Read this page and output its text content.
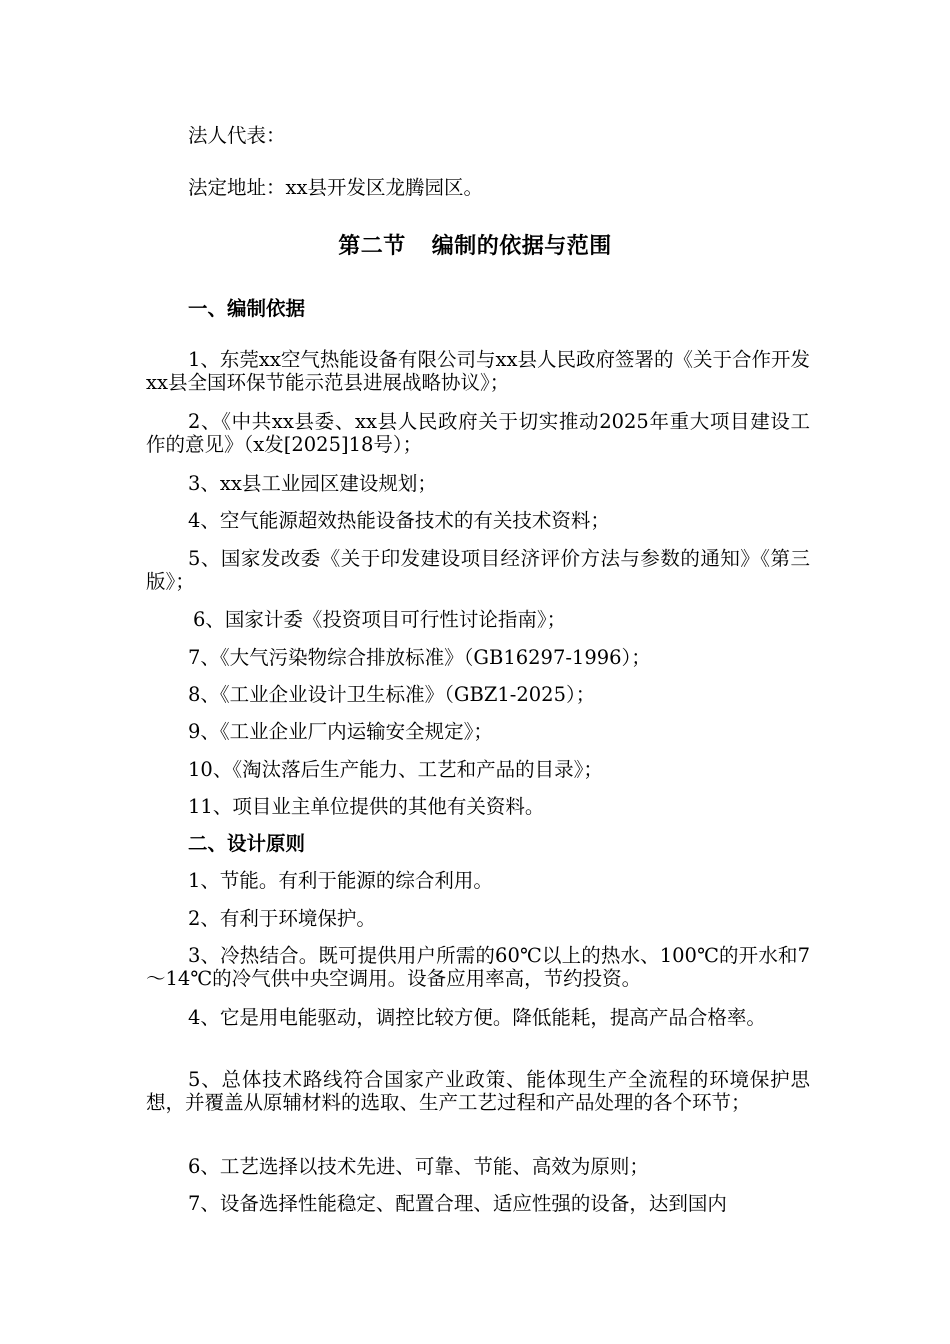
法人代表：

法定地址：xx县开发区龙腾园区。

第二节 编制的依据与范围
一、编制依据

1、东莞xx空气热能设备有限公司与xx县人民政府签署的《关于合作开发xx县全国环保节能示范县进展战略协议》；

2、《中共xx县委、xx县人民政府关于切实推动2025年重大项目建设工作的意见》（x发[2025]18号）；

3、xx县工业园区建设规划；

4、空气能源超效热能设备技术的有关技术资料；

5、国家发改委《关于印发建设项目经济评价方法与参数的通知》《第三版》；

6、国家计委《投资项目可行性讨论指南》；

7、《大气污染物综合排放标准》（GB16297-1996）；

8、《工业企业设计卫生标准》（GBZ1-2025）；

9、《工业企业厂内运输安全规定》；

10、《淘汰落后生产能力、工艺和产品的目录》；

11、项目业主单位提供的其他有关资料。

二、设计原则

1、节能。有利于能源的综合利用。

2、有利于环境保护。

3、冷热结合。既可提供用户所需的60℃以上的热水、100℃的开水和7～14℃的冷气供中央空调用。设备应用率高，节约投资。

4、它是用电能驱动，调控比较方便。降低能耗，提高产品合格率。

5、总体技术路线符合国家产业政策、能体现生产全流程的环境保护思想，并覆盖从原辅材料的选取、生产工艺过程和产品处理的各个环节；

6、工艺选择以技术先进、可靠、节能、高效为原则；

7、设备选择性能稳定、配置合理、适应性强的设备，达到国内
